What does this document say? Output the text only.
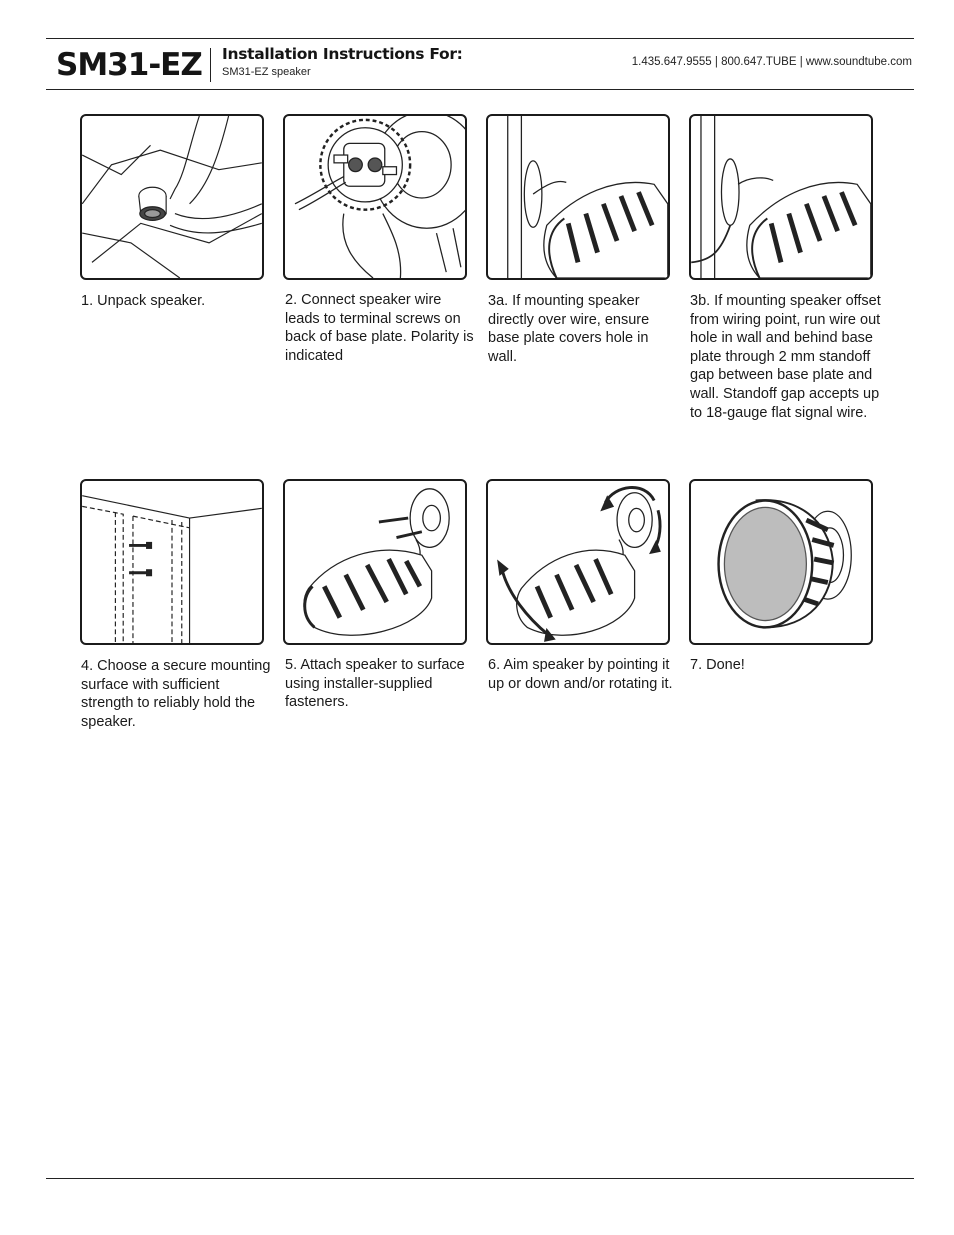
SM31-EZ Installation Instructions For:
SM31-EZ speaker
1.435.647.9555 | 800.647.TUBE | www.soundtube.com
1. Unpack speaker.	2. Connect speaker wire leads to terminal screws on back of base plate. Polarity is indicated
3a. If mounting speaker directly over wire, ensure base plate covers hole in wall.
3b. If mounting speaker offset from wiring point, run wire out hole in wall and behind base plate through 2 mm standoff gap between base plate and wall. Standoff gap accepts up to 18-gauge flat signal wire.
4. Choose a secure mounting surface with sufficient strength to reliably hold the speaker.
5. Attach speaker to surface using installer-supplied fasteners.
6. Aim speaker by pointing it up or down and/or rotating it.
7. Done!
